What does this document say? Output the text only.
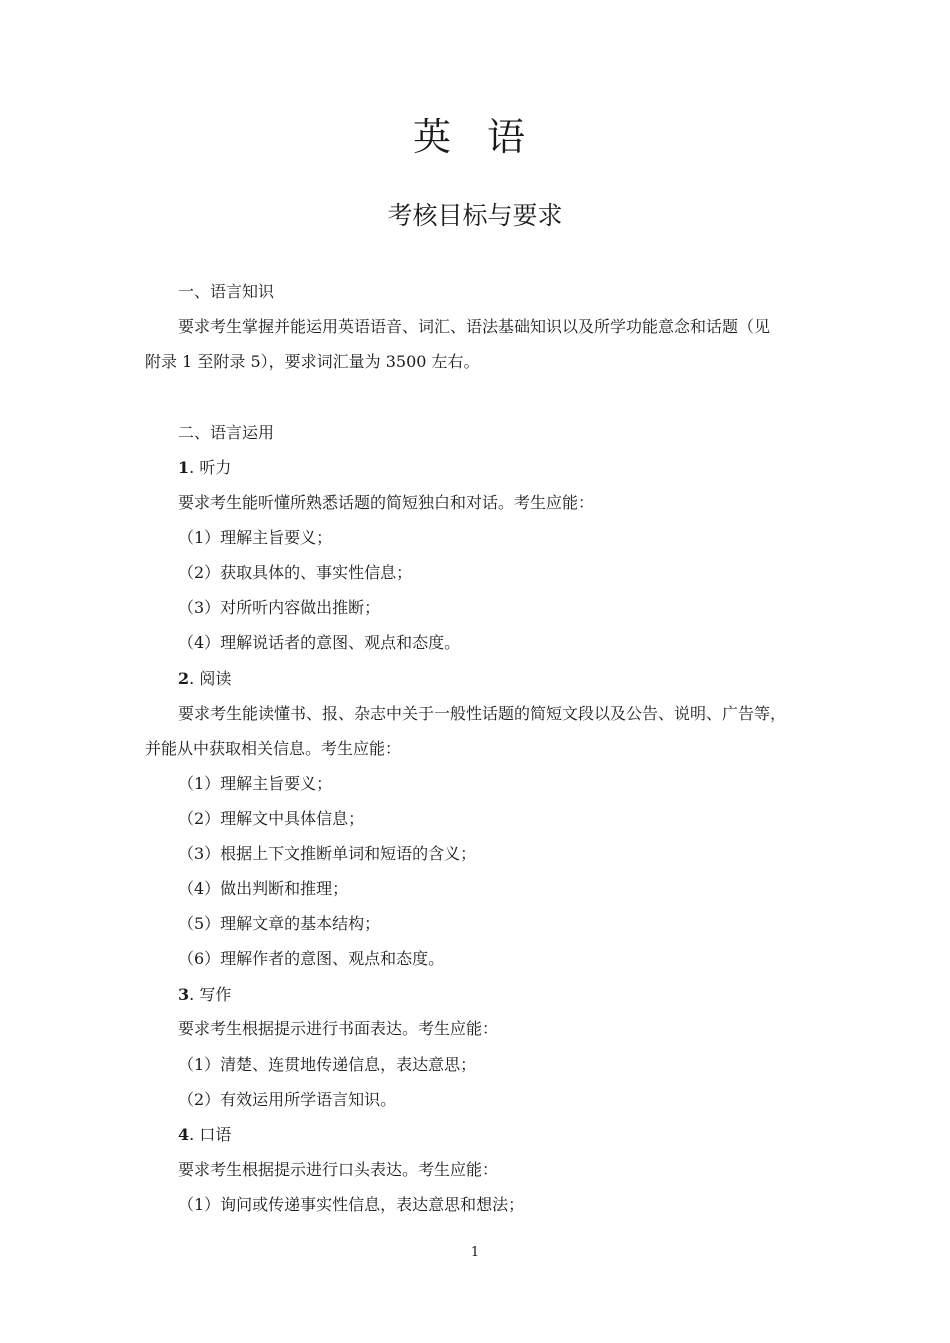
英 语
考核目标与要求
一、语言知识
要求考生掌握并能运用英语语音、词汇、语法基础知识以及所学功能意念和话题（见
附录 1 至附录 5），要求词汇量为 3500 左右。
二、语言运用
1. 听力
要求考生能听懂所熟悉话题的简短独白和对话。考生应能：
（1）理解主旨要义；
（2）获取具体的、事实性信息；
（3）对所听内容做出推断；
（4）理解说话者的意图、观点和态度。
2. 阅读
要求考生能读懂书、报、杂志中关于一般性话题的简短文段以及公告、说明、广告等，
并能从中获取相关信息。考生应能：
（1）理解主旨要义；
（2）理解文中具体信息；
（3）根据上下文推断单词和短语的含义；
（4）做出判断和推理；
（5）理解文章的基本结构；
（6）理解作者的意图、观点和态度。
3. 写作
要求考生根据提示进行书面表达。考生应能：
（1）清楚、连贯地传递信息，表达意思；
（2）有效运用所学语言知识。
4. 口语
要求考生根据提示进行口头表达。考生应能：
（1）询问或传递事实性信息，表达意思和想法；
1
